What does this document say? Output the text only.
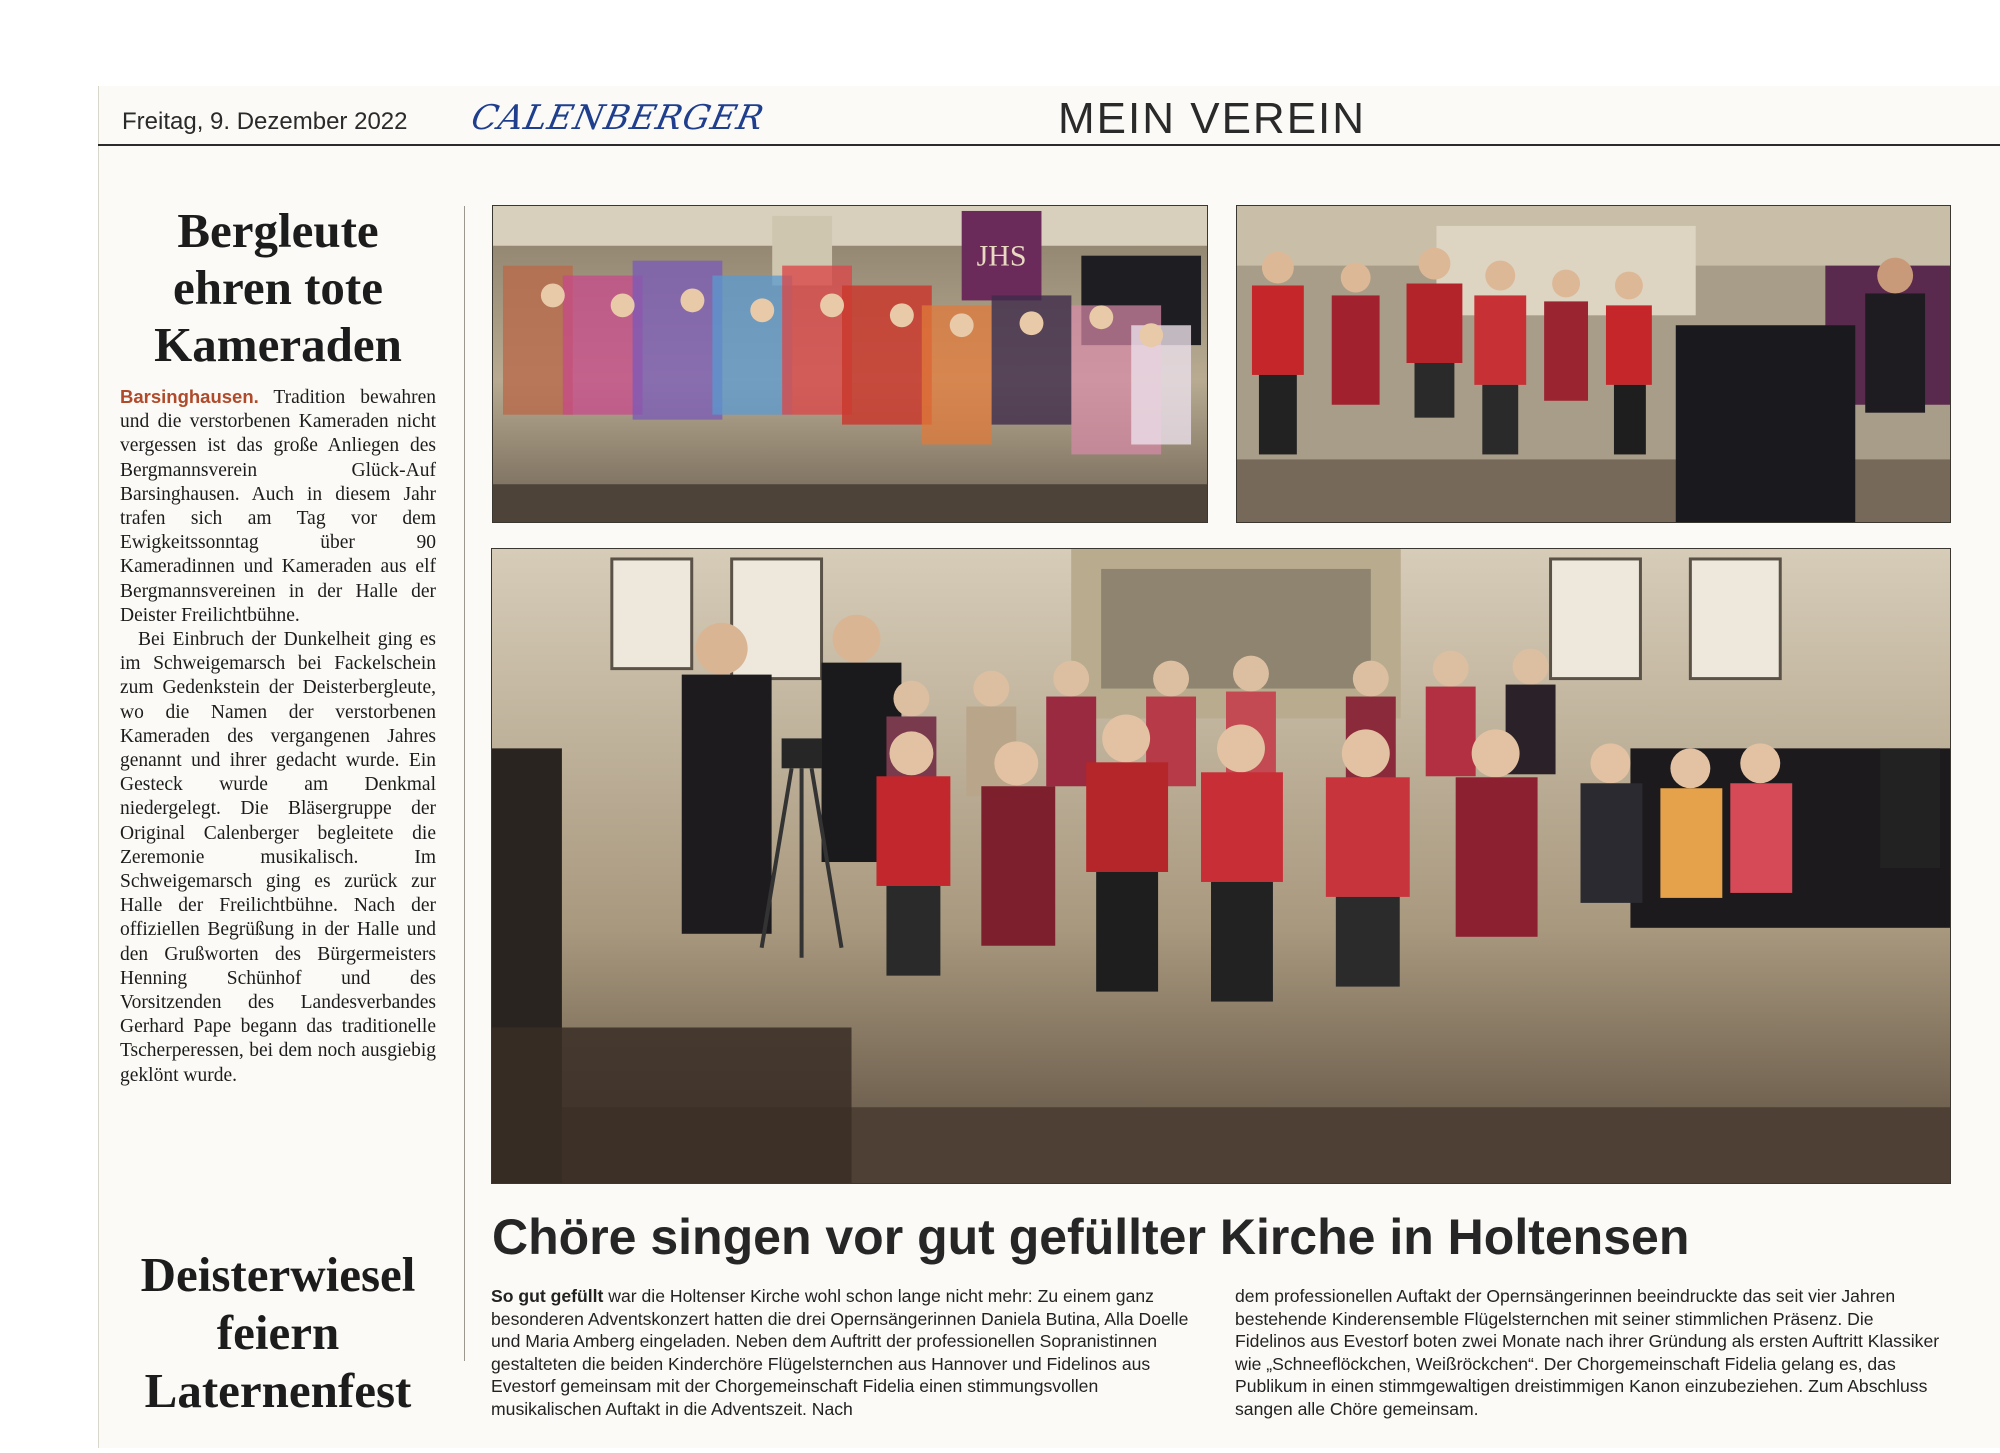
Freitag, 9. Dezember 2022 CALENBERGER	MEIN VEREIN
Bergleute ehren tote Kameraden

Barsinghausen. Tradition bewahren und die verstorbenen Kameraden nicht vergessen ist das große Anliegen des Bergmannsverein Glück-Auf Barsinghausen. Auch in diesem Jahr trafen sich am Tag vor dem Ewigkeitssonntag über 90 Kameradinnen und Kameraden aus elf Bergmannsvereinen in der Halle der Deister Freilichtbühne.

Bei Einbruch der Dunkelheit ging es im Schweigemarsch bei Fackelschein zum Gedenkstein der Deisterbergleute, wo die Namen der verstorbenen Kameraden des vergangenen Jahres genannt und ihrer gedacht wurde. Ein Gesteck wurde am Denkmal niedergelegt. Die Bläsergruppe der Original Calenberger begleitete die Zeremonie musikalisch. Im Schweigemarsch ging es zurück zur Halle der Freilichtbühne. Nach der offiziellen Begrüßung in der Halle und den Grußworten des Bürgermeisters Henning Schünhof und des Vorsitzenden des Landesverbandes Gerhard Pape begann das traditionelle Tscherperessen, bei dem noch ausgiebig geklönt wurde.

Deisterwiesel feiern Laternenfest
JHS
Chöre singen vor gut gefüllter Kirche in Holtensen
So gut gefüllt war die Holtenser Kirche wohl schon lange nicht mehr: Zu einem ganz besonderen Adventskonzert hatten die drei Opernsängerinnen Daniela Butina, Alla Doelle und Maria Amberg eingeladen. Neben dem Auftritt der professionellen Sopranistinnen gestalteten die beiden Kinderchöre Flügelsternchen aus Hannover und Fidelinos aus Evestorf gemeinsam mit der Chorgemeinschaft Fidelia einen stimmungsvollen musikalischen Auftakt in die Adventszeit. Nach
dem professionellen Auftakt der Opernsängerinnen beeindruckte das seit vier Jahren bestehende Kinderensemble Flügelsternchen mit seiner stimmlichen Präsenz. Die Fidelinos aus Evestorf boten zwei Monate nach ihrer Gründung als ersten Auftritt Klassiker wie „Schneeflöckchen, Weißröckchen“. Der Chorgemeinschaft Fidelia gelang es, das Publikum in einen stimmgewaltigen dreistimmigen Kanon einzubeziehen. Zum Abschluss sangen alle Chöre gemeinsam.
